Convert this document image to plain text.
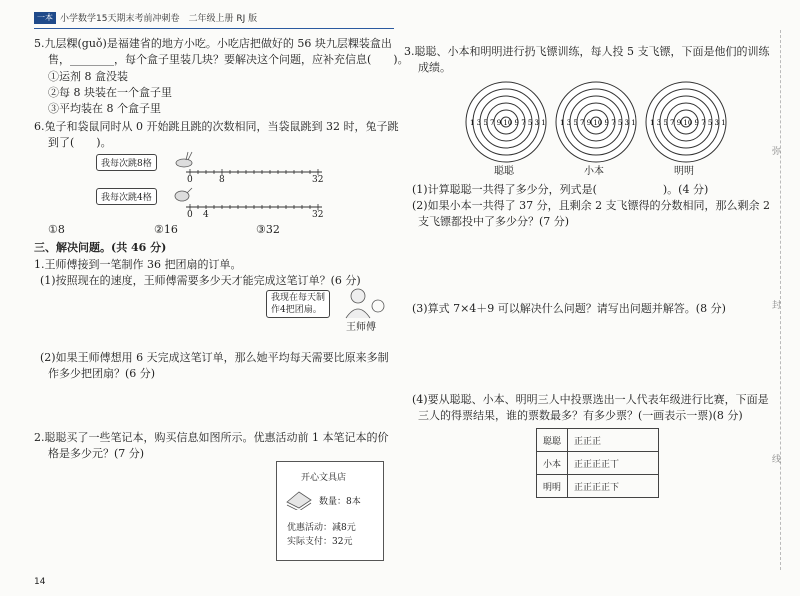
一本 小学数学15天期末考前冲刺卷　二年级上册 RJ 版
5.九层粿(guǒ)是福建省的地方小吃。小吃店把做好的 56 块九层粿装盒出
售，________，每个盒子里装几块？要解决这个问题，应补充信息(　　)。
①运剂 8 盒没装
②每 8 块装在一个盒子里
③平均装在 8 个盒子里
6.兔子和袋鼠同时从 0 开始跳且跳的次数相同，当袋鼠跳到 32 时，兔子跳
到了(　　)。
我每次跳8格
0	8	32
我每次跳4格
0 4	32
①8	②16	③32
三、解决问题。(共 46 分)
1.王师傅接到一笔制作 36 把团扇的订单。
(1)按照现在的速度，王师傅需要多少天才能完成这笔订单？(6 分)
我现在每天制
作4把团扇。
王师傅
(2)如果王师傅想用 6 天完成这笔订单，那么她平均每天需要比原来多制
作多少把团扇？(6 分)
2.聪聪买了一些笔记本，购买信息如图所示。优惠活动前 1 本笔记本的价
格是多少元？(7 分)
开心文具店
数量：8本
优惠活动：减8元
实际支付：32元
14
3.聪聪、小本和明明进行扔飞镖训练，每人投 5 支飞镖，下面是他们的训练
成绩。
1 3 5 7 9 10 9 7 5 3 1 1 3 5 7 9 10 9 7 5 3 1 1 3 5 7 9 10 9 7 5 3 1
聪聪	小本	明明
(1)计算聪聪一共得了多少分，列式是(　　　　　　)。(4 分)
(2)如果小本一共得了 37 分，且剩余 2 支飞镖得的分数相同，那么剩余 2
支飞镖都投中了多少分？(7 分)
(3)算式 7×4＋9 可以解决什么问题？请写出问题并解答。(8 分)
(4)要从聪聪、小本、明明三人中投票选出一人代表年级进行比赛，下面是
三人的得票结果，谁的票数最多？有多少票？(一画表示一票)(8 分)
聪聪	正正正
小本	正正正正丅
明明	正正正正下
弥
封
线
